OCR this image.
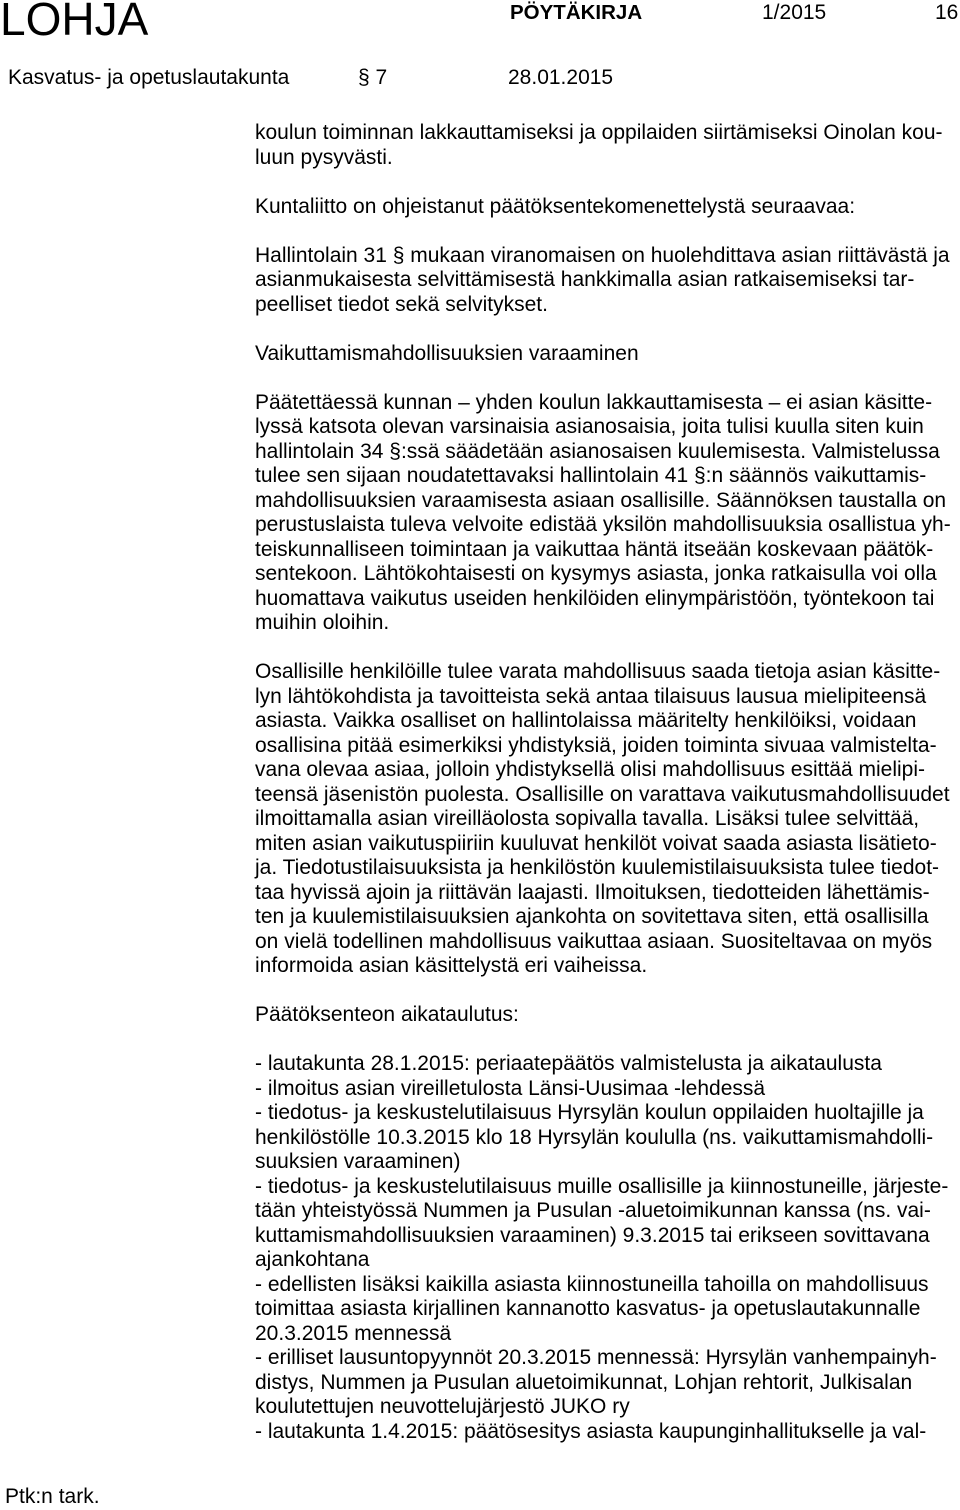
LOHJA	PÖYTÄKIRJA	1/2015	16
Kasvatus- ja opetuslautakunta	§ 7	28.01.2015
koulun toiminnan lakkauttamiseksi ja oppilaiden siirtämiseksi Oinolan kou-
luun pysyvästi.
Kuntaliitto on ohjeistanut päätöksentekomenettelystä seuraavaa:
Hallintolain 31 § mukaan viranomaisen on huolehdittava asian riittävästä ja
asianmukaisesta selvittämisestä hankkimalla asian ratkaisemiseksi tar-
peelliset tiedot sekä selvitykset.
Vaikuttamismahdollisuuksien varaaminen
Päätettäessä kunnan – yhden koulun lakkauttamisesta – ei asian käsitte-
lyssä katsota olevan varsinaisia asianosaisia, joita tulisi kuulla siten kuin
hallintolain 34 §:ssä säädetään asianosaisen kuulemisesta. Valmistelussa
tulee sen sijaan noudatettavaksi hallintolain 41 §:n säännös vaikuttamis-
mahdollisuuksien varaamisesta asiaan osallisille. Säännöksen taustalla on
perustuslaista tuleva velvoite edistää yksilön mahdollisuuksia osallistua yh-
teiskunnalliseen toimintaan ja vaikuttaa häntä itseään koskevaan päätök-
sentekoon. Lähtökohtaisesti on kysymys asiasta, jonka ratkaisulla voi olla
huomattava vaikutus useiden henkilöiden elinympäristöön, työntekoon tai
muihin oloihin.
Osallisille henkilöille tulee varata mahdollisuus saada tietoja asian käsitte-
lyn lähtökohdista ja tavoitteista sekä antaa tilaisuus lausua mielipiteensä
asiasta. Vaikka osalliset on hallintolaissa määritelty henkilöiksi, voidaan
osallisina pitää esimerkiksi yhdistyksiä, joiden toiminta sivuaa valmistelta-
vana olevaa asiaa, jolloin yhdistyksellä olisi mahdollisuus esittää mielipi-
teensä jäsenistön puolesta. Osallisille on varattava vaikutusmahdollisuudet
ilmoittamalla asian vireilläolosta sopivalla tavalla. Lisäksi tulee selvittää,
miten asian vaikutuspiiriin kuuluvat henkilöt voivat saada asiasta lisätieto-
ja. Tiedotustilaisuuksista ja henkilöstön kuulemistilaisuuksista tulee tiedot-
taa hyvissä ajoin ja riittävän laajasti. Ilmoituksen, tiedotteiden lähettämis-
ten ja kuulemistilaisuuksien ajankohta on sovitettava siten, että osallisilla
on vielä todellinen mahdollisuus vaikuttaa asiaan. Suositeltavaa on myös
informoida asian käsittelystä eri vaiheissa.
Päätöksenteon aikataulutus:
- lautakunta 28.1.2015: periaatepäätös valmistelusta ja aikataulusta
- ilmoitus asian vireilletulosta Länsi-Uusimaa -lehdessä
- tiedotus- ja keskustelutilaisuus Hyrsylän koulun oppilaiden huoltajille ja
henkilöstölle 10.3.2015 klo 18 Hyrsylän koululla (ns. vaikuttamismahdolli-
suuksien varaaminen)
- tiedotus- ja keskustelutilaisuus muille osallisille ja kiinnostuneille, järjeste-
tään yhteistyössä Nummen ja Pusulan -aluetoimikunnan kanssa (ns. vai-
kuttamismahdollisuuksien varaaminen) 9.3.2015 tai erikseen sovittavana
ajankohtana
- edellisten lisäksi kaikilla asiasta kiinnostuneilla tahoilla on mahdollisuus
toimittaa asiasta kirjallinen kannanotto kasvatus- ja opetuslautakunnalle
20.3.2015 mennessä
- erilliset lausuntopyynnöt 20.3.2015 mennessä: Hyrsylän vanhempainyh-
distys, Nummen ja Pusulan aluetoimikunnat, Lohjan rehtorit, Julkisalan
koulutettujen neuvottelujärjestö JUKO ry
- lautakunta 1.4.2015: päätösesitys asiasta kaupunginhallitukselle ja val-
Ptk:n tark.
